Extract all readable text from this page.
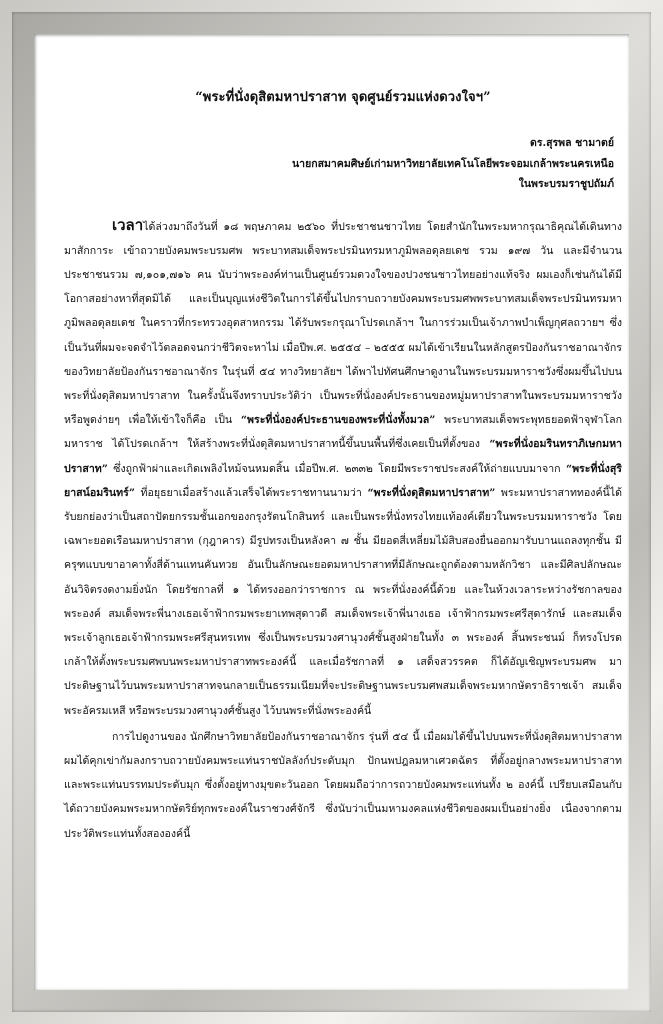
“พระที่นั่งดุสิตมหาปราสาท จุดศูนย์รวมแห่งดวงใจฯ”
ดร.สุรพล ชามาตย์
นายกสมาคมศิษย์เก่ามหาวิทยาลัยเทคโนโลยีพระจอมเกล้าพระนครเหนือ
ในพระบรมราชูปถัมภ์

เวลาได้ล่วงมาถึงวันที่ ๑๘ พฤษภาคม ๒๕๖๐ ที่ประชาชนชาวไทย โดยสำนักในพระมหากรุณาธิคุณได้เดินทางมาสักการะ เข้าถวายบังคมพระบรมศพ พระบาทสมเด็จพระปรมินทรมหาภูมิพลอดุลยเดช รวม ๑๙๗ วัน และมีจำนวนประชาชนรวม ๗,๑๐๑,๗๑๖ คน นับว่าพระองค์ท่านเป็นศูนย์รวมดวงใจของปวงชนชาวไทยอย่างแท้จริง ผมเองก็เช่นกันได้มีโอกาสอย่างหาที่สุดมิได้ และเป็นบุญแห่งชีวิตในการได้ขึ้นไปกราบถวายบังคมพระบรมศพพระบาทสมเด็จพระปรมินทรมหาภูมิพลอดุลยเดช ในคราวที่กระทรวงอุตสาหกรรม ได้รับพระกรุณาโปรดเกล้าฯ ในการร่วมเป็นเจ้าภาพบำเพ็ญกุศลถวายฯ ซึ่งเป็นวันที่ผมจะจดจำไว้ตลอดจนกว่าชีวิตจะหาไม่ เมื่อปีพ.ศ. ๒๕๕๔ – ๒๕๕๕ ผมได้เข้าเรียนในหลักสูตรป้องกันราชอาณาจักรของวิทยาลัยป้องกันราชอาณาจักร ในรุ่นที่ ๕๔ ทางวิทยาลัยฯ ได้พาไปทัศนศึกษาดูงานในพระบรมมหาราชวังซึ่งผมขึ้นไปบนพระที่นั่งดุสิตมหาปราสาท ในครั้งนั้นจึงทราบประวัติว่า เป็นพระที่นั่งองค์ประธานของหมู่มหาปราสาทในพระบรมมหาราชวังหรือพูดง่ายๆ เพื่อให้เข้าใจก็คือ เป็น “พระที่นั่งองค์ประธานของพระที่นั่งทั้งมวล” พระบาทสมเด็จพระพุทธยอดฟ้าจุฬาโลกมหาราช ได้โปรดเกล้าฯ ให้สร้างพระที่นั่งดุสิตมหาปราสาทนี้ขึ้นบนพื้นที่ซึ่งเคยเป็นที่ตั้งของ “พระที่นั่งอมรินทราภิเษกมหาปราสาท” ซึ่งถูกฟ้าผ่าและเกิดเพลิงไหม้จนหมดสิ้น เมื่อปีพ.ศ. ๒๓๓๒ โดยมีพระราชประสงค์ให้ถ่ายแบบมาจาก “พระที่นั่งสุริยาสน์อมรินทร์” ที่อยุธยาเมื่อสร้างแล้วเสร็จได้พระราชทานนามว่า “พระที่นั่งดุสิตมหาปราสาท” พระมหาปราสาททองค์นี้ได้รับยกย่องว่าเป็นสถาปัตยกรรมชั้นเอกของกรุงรัตนโกสินทร์ และเป็นพระที่นั่งทรงไทยแท้องค์เดียวในพระบรมมหาราชวัง โดยเฉพาะยอดเรือนมหาปราสาท (กุฎาคาร) มีรูปทรงเป็นหลังคา ๗ ชั้น มียอดสี่เหลี่ยมไม้สิบสองยื่นออกมารับบานแถลงทุกชั้น มีครุฑแบบขาอาคาทั้งสี่ด้านแทนคันทวย อันเป็นลักษณะยอดมหาปราสาทที่มีลักษณะถูกต้องตามหลักวิชา และมีศิลปลักษณะอันวิจิตรงดงามยิ่งนัก โดยรัชกาลที่ ๑ ได้ทรงออกว่าราชการ ณ พระที่นั่งองค์นี้ด้วย และในห้วงเวลาระหว่างรัชกาลของพระองค์ สมเด็จพระพี่นางเธอเจ้าฟ้ากรมพระยาเทพสุดาวดี สมเด็จพระเจ้าพี่นางเธอ เจ้าฟ้ากรมพระศรีสุดารักษ์ และสมเด็จพระเจ้าลูกเธอเจ้าฟ้ากรมพระศรีสุนทรเทพ ซึ่งเป็นพระบรมวงศานุวงศ์ชั้นสูงฝ่ายในทั้ง ๓ พระองค์ สิ้นพระชนม์ ก็ทรงโปรดเกล้าให้ตั้งพระบรมศพบนพระมหาปราสาทพระองค์นี้ และเมื่อรัชกาลที่ ๑ เสด็จสวรรคต ก็ได้อัญเชิญพระบรมศพ มาประดิษฐานไว้บนพระมหาปราสาทจนกลายเป็นธรรมเนียมที่จะประดิษฐานพระบรมศพสมเด็จพระมหากษัตราธิราชเจ้า สมเด็จพระอัครมเหสี หรือพระบรมวงศานุวงศ์ชั้นสูง ไว้บนพระที่นั่งพระองค์นี้

การไปดูงานของ นักศึกษาวิทยาลัยป้องกันราชอาณาจักร รุ่นที่ ๕๔ นี้ เมื่อผมได้ขึ้นไปบนพระที่นั่งดุสิตมหาปราสาท ผมได้คุกเข่ากัมลงกราบถวายบังคมพระแท่นราชบัลลังก์ประดับมุก ปักนพปฎลมหาเศวตฉัตร ที่ตั้งอยู่กลางพระมหาปราสาท และพระแท่นบรรทมประดับมุก ซึ่งตั้งอยู่ทางมุขตะวันออก โดยผมถือว่าการถวายบังคมพระแท่นทั้ง ๒ องค์นี้ เปรียบเสมือนกับได้ถวายบังคมพระมหากษัตริย์ทุกพระองค์ในราชวงศ์จักรี ซึ่งนับว่าเป็นมหามงคลแห่งชีวิตของผมเป็นอย่างยิ่ง เนื่องจากตามประวัติพระแท่นทั้งสององค์นี้
